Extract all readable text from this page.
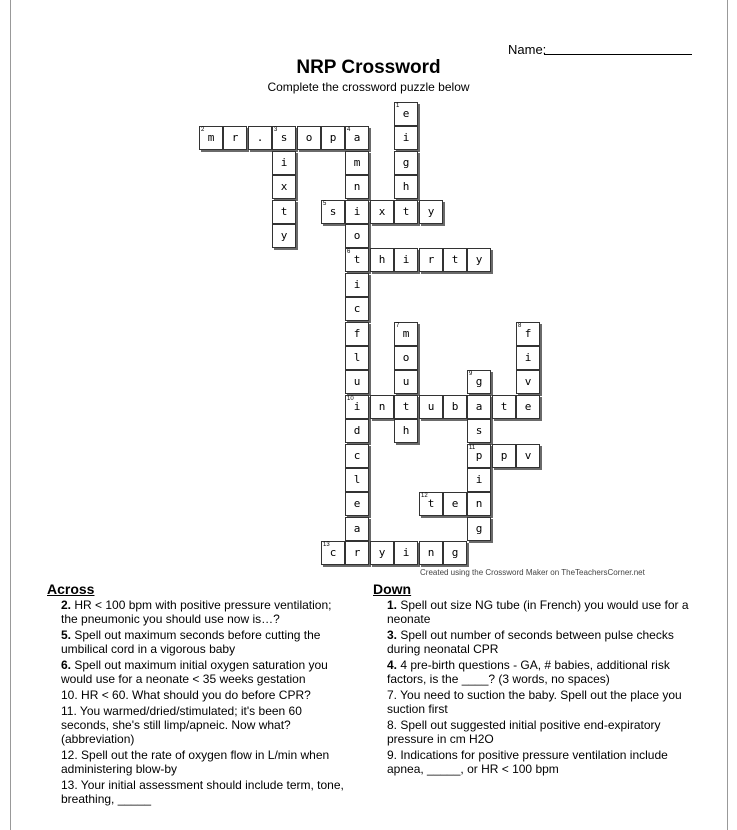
Name:
NRP Crossword
Complete the crossword puzzle below
1
e
2
m	r	.
3
s	o	p
4
a	i
i	m	g
x	n	h
t
5
s	i	x	t	y
y	o
6
t	h	i	r	t	y
i
c
f
7
m
8
f
l	o	i
u	u
9
g	v
10
i	n	t	u	b	a	t	e
d	h	s
c
11
p	p	v
l	i
e
12
t	e	n
a	g
13
c	r	y	i	n	g
Created using the Crossword Maker on TheTeachersCorner.net
Across
2. HR < 100 bpm with positive pressure ventilation; the pneumonic you should use now is…?
5. Spell out maximum seconds before cutting the umbilical cord in a vigorous baby
6. Spell out maximum initial oxygen saturation you would use for a neonate < 35 weeks gestation
10. HR < 60. What should you do before CPR?
11. You warmed/dried/stimulated; it's been 60 seconds, she's still limp/apneic. Now what? (abbreviation)
12. Spell out the rate of oxygen flow in L/min when administering blow-by
13. Your initial assessment should include term, tone, breathing, _____
Down
1. Spell out size NG tube (in French) you would use for a neonate
3. Spell out number of seconds between pulse checks during neonatal CPR
4. 4 pre-birth questions - GA, # babies, additional risk factors, is the ____? (3 words, no spaces)
7. You need to suction the baby. Spell out the place you suction first
8. Spell out suggested initial positive end-expiratory pressure in cm H2O
9. Indications for positive pressure ventilation include apnea, _____, or HR < 100 bpm
